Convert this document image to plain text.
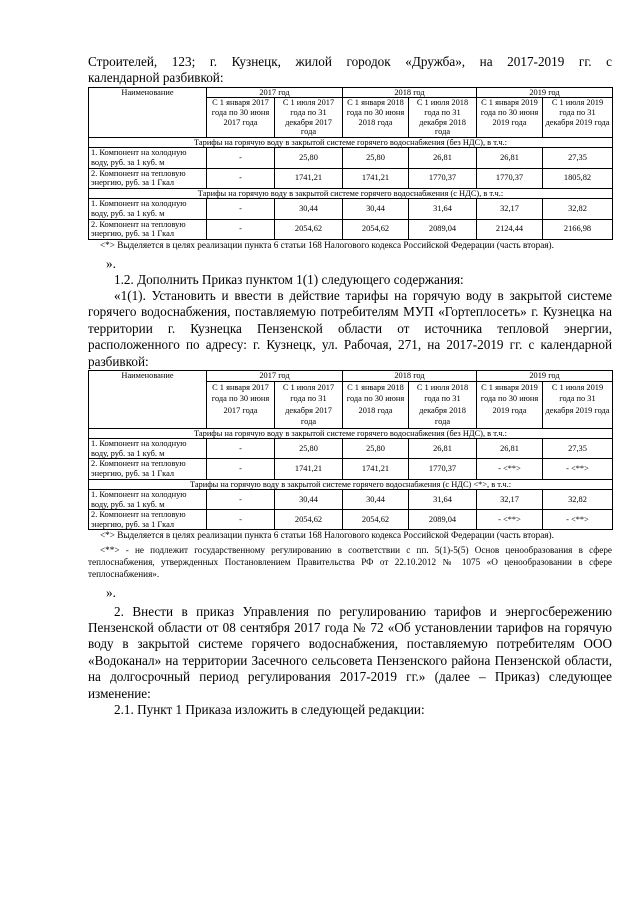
Строителей, 123; г. Кузнецк, жилой городок «Дружба», на 2017-2019 гг. с

календарной разбивкой:

Наименование	2017 год		2018 год		2019 год	
	С 1 января 2017 года по 30 июня 2017 года	С 1 июля 2017 года по 31 декабря 2017 года	С 1 января 2018 года по 30 июня 2018 года	С 1 июля 2018 года по 31 декабря 2018 года	С 1 января 2019 года по 30 июня 2019 года	С 1 июля 2019 года по 31 декабря 2019 года
Тарифы на горячую воду в закрытой системе горячего водоснабжения (без НДС), в т.ч.:						
1. Компонент на холодную воду, руб. за 1 куб. м	-	25,80	25,80	26,81	26,81	27,35
2. Компонент на тепловую энергию, руб. за 1 Гкал	-	1741,21	1741,21	1770,37	1770,37	1805,82
Тарифы на горячую воду в закрытой системе горячего водоснабжения (с НДС), в т.ч.:						
1. Компонент на холодную воду, руб. за 1 куб. м	-	30,44	30,44	31,64	32,17	32,82
2. Компонент на тепловую энергию, руб. за 1 Гкал	-	2054,62	2054,62	2089,04	2124,44	2166,98

<*> Выделяется в целях реализации пункта 6 статьи 168 Налогового кодекса Российской Федерации (часть вторая).

».

1.2. Дополнить Приказ пунктом 1(1) следующего содержания:

«1(1). Установить и ввести в действие тарифы на горячую воду в закрытой системе горячего водоснабжения, поставляемую потребителям МУП «Гортеплосеть» г. Кузнецка на территории г. Кузнецка Пензенской области от источника тепловой энергии, расположенного по адресу: г. Кузнецк, ул. Рабочая, 271, на 2017-2019 гг. с календарной разбивкой:

Наименование	2017 год		2018 год		2019 год	
	С 1 января 2017 года по 30 июня 2017 года	С 1 июля 2017 года по 31 декабря 2017 года	С 1 января 2018 года по 30 июня 2018 года	С 1 июля 2018 года по 31 декабря 2018 года	С 1 января 2019 года по 30 июня 2019 года	С 1 июля 2019 года по 31 декабря 2019 года
Тарифы на горячую воду в закрытой системе горячего водоснабжения (без НДС), в т.ч.:						
1. Компонент на холодную воду, руб. за 1 куб. м	-	25,80	25,80	26,81	26,81	27,35
2. Компонент на тепловую энергию, руб. за 1 Гкал	-	1741,21	1741,21	1770,37	- <**>	- <**>
Тарифы на горячую воду в закрытой системе горячего водоснабжения (с НДС) <*>, в т.ч.:						
1. Компонент на холодную воду, руб. за 1 куб. м	-	30,44	30,44	31,64	32,17	32,82
2. Компонент на тепловую энергию, руб. за 1 Гкал	-	2054,62	2054,62	2089,04	- <**>	- <**>

<*> Выделяется в целях реализации пункта 6 статьи 168 Налогового кодекса Российской Федерации (часть вторая).

<**> - не подлежит государственному регулированию в соответствии с пп. 5(1)-5(5) Основ ценообразования в сфере теплоснабжения, утвержденных Постановлением Правительства РФ от 22.10.2012 № 1075 «О ценообразовании в сфере теплоснабжения».

».

2. Внести в приказ Управления по регулированию тарифов и энергосбережению Пензенской области от 08 сентября 2017 года № 72 «Об установлении тарифов на горячую воду в закрытой системе горячего водоснабжения, поставляемую потребителям ООО «Водоканал» на территории Засечного сельсовета Пензенского района Пензенской области, на долгосрочный период регулирования 2017-2019 гг.» (далее – Приказ) следующее изменение:

2.1. Пункт 1 Приказа изложить в следующей редакции:
